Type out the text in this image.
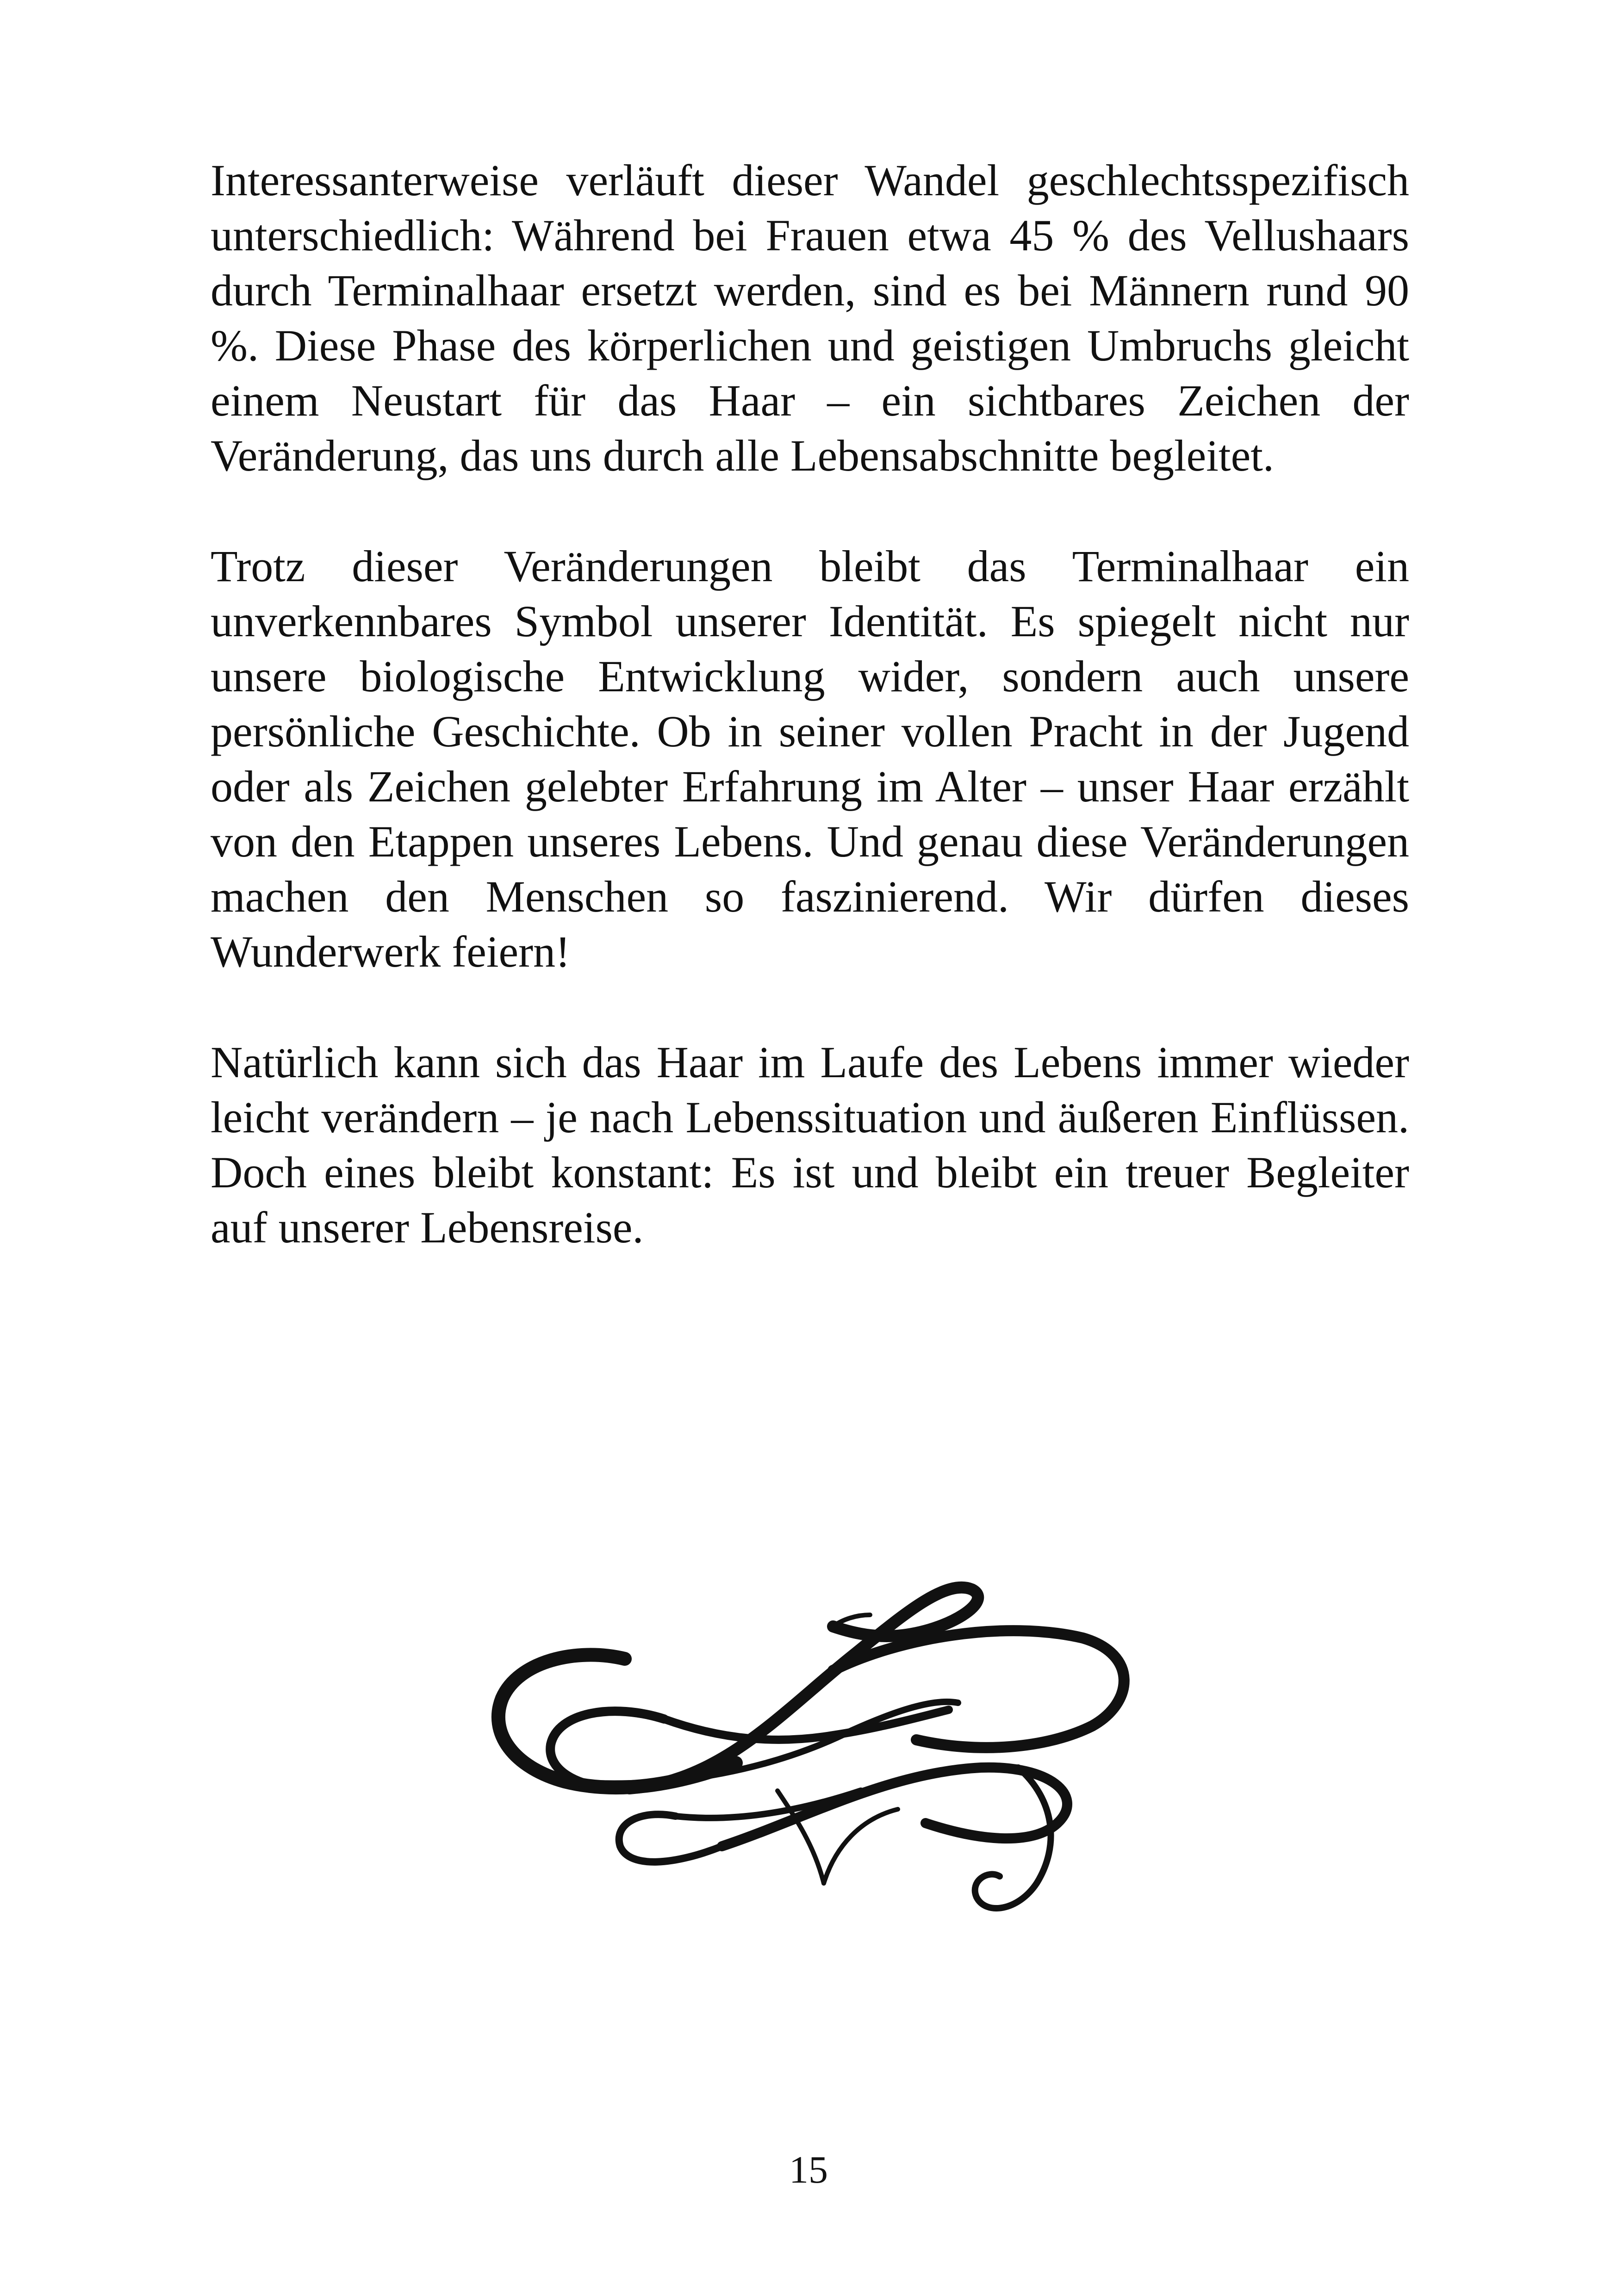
Interessanterweise verläuft dieser Wandel geschlechtsspezifisch unterschiedlich: Während bei Frauen etwa 45 % des Vellushaars durch Terminalhaar ersetzt werden, sind es bei Männern rund 90 %. Diese Phase des körperlichen und geistigen Umbruchs gleicht einem Neustart für das Haar – ein sichtbares Zeichen der Veränderung, das uns durch alle Lebensabschnitte begleitet.

Trotz dieser Veränderungen bleibt das Terminalhaar ein unverkennbares Symbol unserer Identität. Es spiegelt nicht nur unsere biologische Entwicklung wider, sondern auch unsere persönliche Geschichte. Ob in seiner vollen Pracht in der Jugend oder als Zeichen gelebter Erfahrung im Alter – unser Haar erzählt von den Etappen unseres Lebens. Und genau diese Veränderungen machen den Menschen so faszinierend. Wir dürfen dieses Wunderwerk feiern!

Natürlich kann sich das Haar im Laufe des Lebens immer wieder leicht verändern – je nach Lebenssituation und äußeren Einflüssen. Doch eines bleibt konstant: Es ist und bleibt ein treuer Begleiter auf unserer Lebensreise.

15
